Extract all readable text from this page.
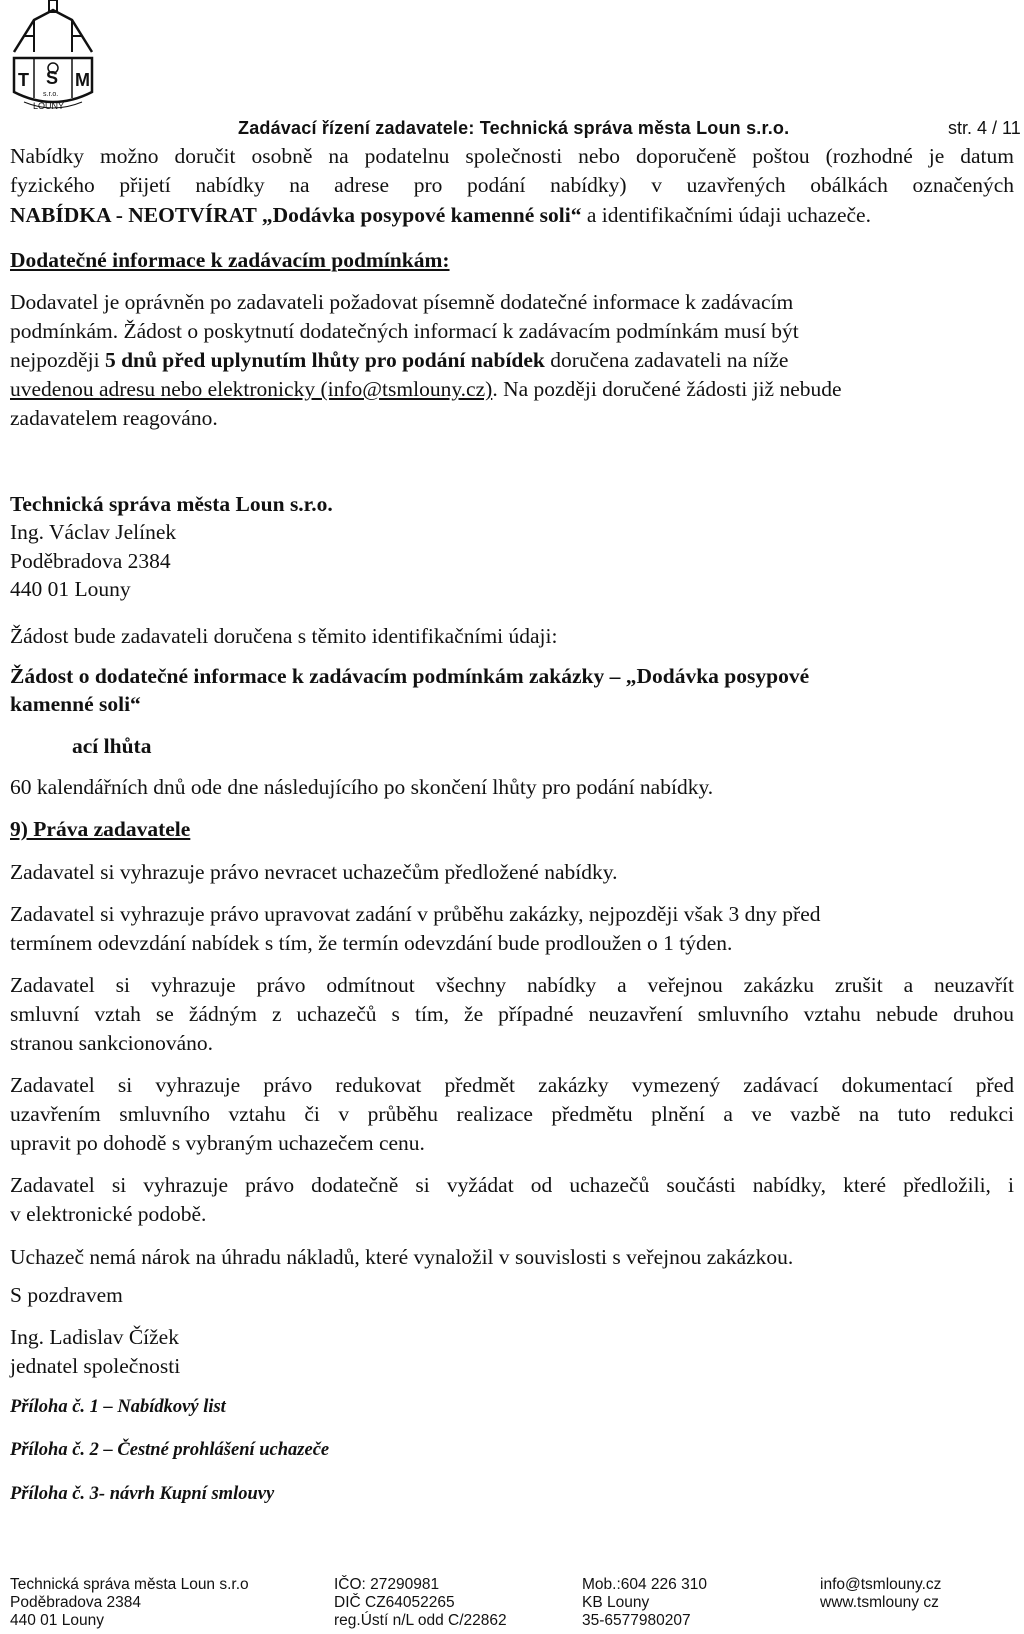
T S M
s.r.o.
LOUNY
Zadávací řízení zadavatele: Technická správa města Loun s.r.o.	str. 4 / 11
Nabídky možno doručit osobně na podatelnu společnosti nebo doporučeně poštou (rozhodné je datum
fyzického přijetí nabídky na adrese pro podání nabídky) v uzavřených obálkách označených
NABÍDKA - NEOTVÍRAT „Dodávka posypové kamenné soli“ a identifikačními údaji uchazeče.
Dodatečné informace k zadávacím podmínkám:
Dodavatel je oprávněn po zadavateli požadovat písemně dodatečné informace k zadávacím
podmínkám. Žádost o poskytnutí dodatečných informací k zadávacím podmínkám musí být
nejpozději 5 dnů před uplynutím lhůty pro podání nabídek doručena zadavateli na níže
uvedenou adresu nebo elektronicky (info@tsmlouny.cz). Na později doručené žádosti již nebude
zadavatelem reagováno.
Technická správa města Loun s.r.o.
Ing. Václav Jelínek
Poděbradova 2384
440 01 Louny
Žádost bude zadavateli doručena s těmito identifikačními údaji:
Žádost o dodatečné informace k zadávacím podmínkám zakázky – „Dodávka posypové
kamenné soli“
ací lhůta
60 kalendářních dnů ode dne následujícího po skončení lhůty pro podání nabídky.
9) Práva zadavatele
Zadavatel si vyhrazuje právo nevracet uchazečům předložené nabídky.
Zadavatel si vyhrazuje právo upravovat zadání v průběhu zakázky, nejpozději však 3 dny před
termínem odevzdání nabídek s tím, že termín odevzdání bude prodloužen o 1 týden.
Zadavatel si vyhrazuje právo odmítnout všechny nabídky a veřejnou zakázku zrušit a neuzavřít
smluvní vztah se žádným z uchazečů s tím, že případné neuzavření smluvního vztahu nebude druhou
stranou sankcionováno.
Zadavatel si vyhrazuje právo redukovat předmět zakázky vymezený zadávací dokumentací před
uzavřením smluvního vztahu či v průběhu realizace předmětu plnění a ve vazbě na tuto redukci
upravit po dohodě s vybraným uchazečem cenu.
Zadavatel si vyhrazuje právo dodatečně si vyžádat od uchazečů součásti nabídky, které předložili, i
v elektronické podobě.
Uchazeč nemá nárok na úhradu nákladů, které vynaložil v souvislosti s veřejnou zakázkou.
S pozdravem
Ing. Ladislav Čížek
jednatel společnosti
Příloha č. 1 – Nabídkový list
Příloha č. 2 – Čestné prohlášení uchazeče
Příloha č. 3- návrh Kupní smlouvy
Technická správa města Loun s.r.o
Poděbradova 2384
440 01 Louny
IČO: 27290981
DIČ CZ64052265
reg.Ústí n/L odd C/22862
Mob.:604 226 310
KB Louny
35-6577980207
info@tsmlouny.cz
www.tsmlouny cz
